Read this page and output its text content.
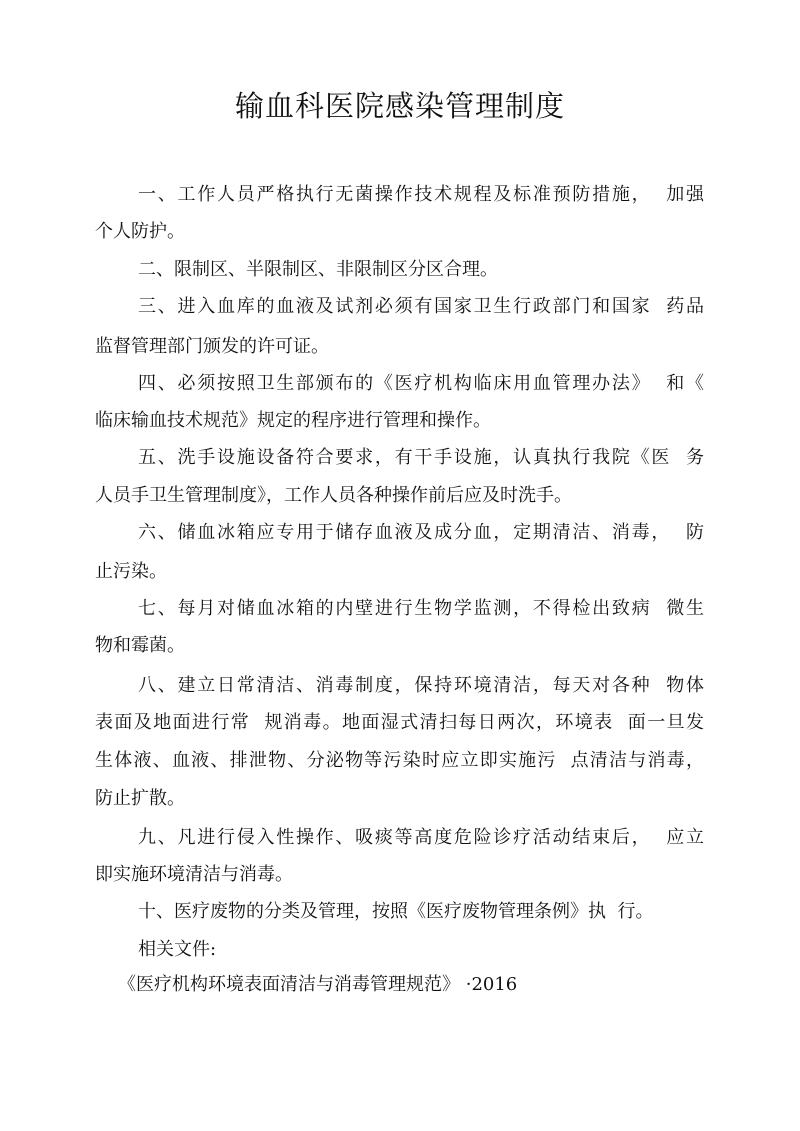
输血科医院感染管理制度
一、工作人员严格执行无菌操作技术规程及标准预防措施，  加强
个人防护。
二、限制区、半限制区、非限制区分区合理。
三、进入血库的血液及试剂必须有国家卫生行政部门和国家  药品
监督管理部门颁发的许可证。
四、必须按照卫生部颁布的《医疗机构临床用血管理办法》  和《
临床输血技术规范》规定的程序进行管理和操作。
五、洗手设施设备符合要求，有干手设施，认真执行我院《医  务
人员手卫生管理制度》，工作人员各种操作前后应及时洗手。
六、储血冰箱应专用于储存血液及成分血，定期清洁、消毒，  防
止污染。
七、每月对储血冰箱的内壁进行生物学监测，不得检出致病  微生
物和霉菌。
八、建立日常清洁、消毒制度，保持环境清洁，每天对各种  物体
表面及地面进行常  规消毒。地面湿式清扫每日两次，环境表  面一旦发
生体液、血液、排泄物、分泌物等污染时应立即实施污  点清洁与消毒，
防止扩散。
九、凡进行侵入性操作、吸痰等高度危险诊疗活动结束后，  应立
即实施环境清洁与消毒。
十、医疗废物的分类及管理，按照《医疗废物管理条例》执  行。
相关文件:
《医疗机构环境表面清洁与消毒管理规范》 ·2016
